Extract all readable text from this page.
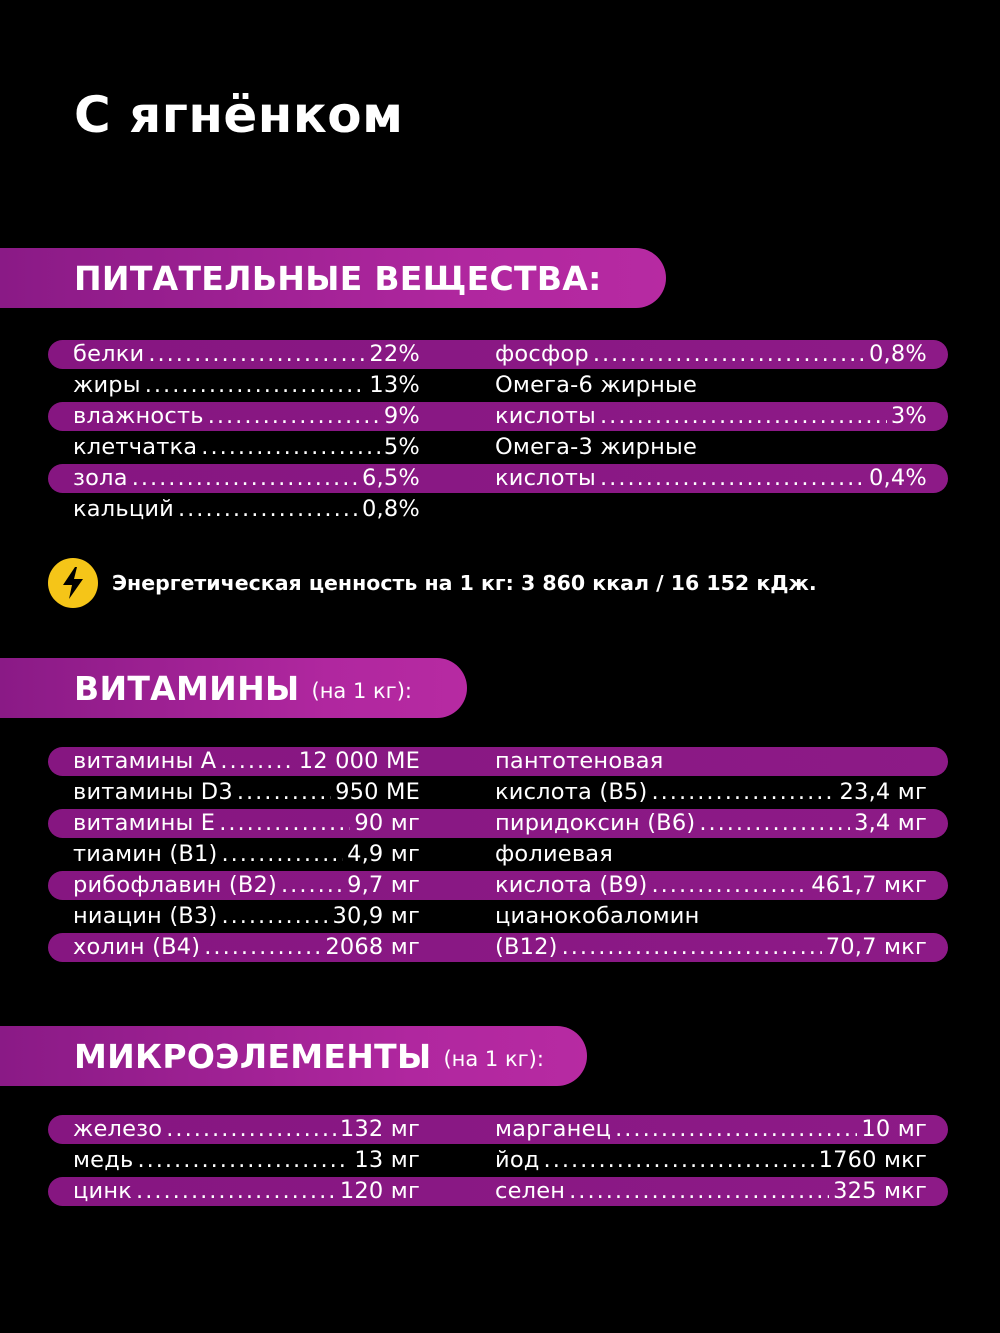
С ягнёнком
ПИТАТЕЛЬНЫЕ ВЕЩЕСТВА:
белки .....	22%	фосфор .....	0,8%
жиры .....	13%	Омега-6 жирные
влажность .....	9%	кислоты .....	3%
клетчатка .....	5%	Омега-3 жирные
зола .....	6,5%	кислоты .....	0,4%
кальций .....	0,8%
Энергетическая ценность на 1 кг: 3 860 ккал / 16 152 кДж.
ВИТАМИНЫ (на 1 кг):
витамины А .....	12 000 МЕ	пантотеновая
витамины D3 .....	950 МЕ	кислота (В5) .....	23,4 мг
витамины Е .....	90 мг	пиридоксин (В6) .....	3,4 мг
тиамин (В1) .....	4,9 мг	фолиевая
рибофлавин (В2) .....	9,7 мг	кислота (В9) .....	461,7 мкг
ниацин (В3) .....	30,9 мг	цианокобаломин
холин (В4) .....	2068 мг	(В12) .....	70,7 мкг
МИКРОЭЛЕМЕНТЫ (на 1 кг):
железо .....	132 мг	марганец .....	10 мг
медь .....	13 мг	йод .....	1760 мкг
цинк .....	120 мг	селен .....	325 мкг
